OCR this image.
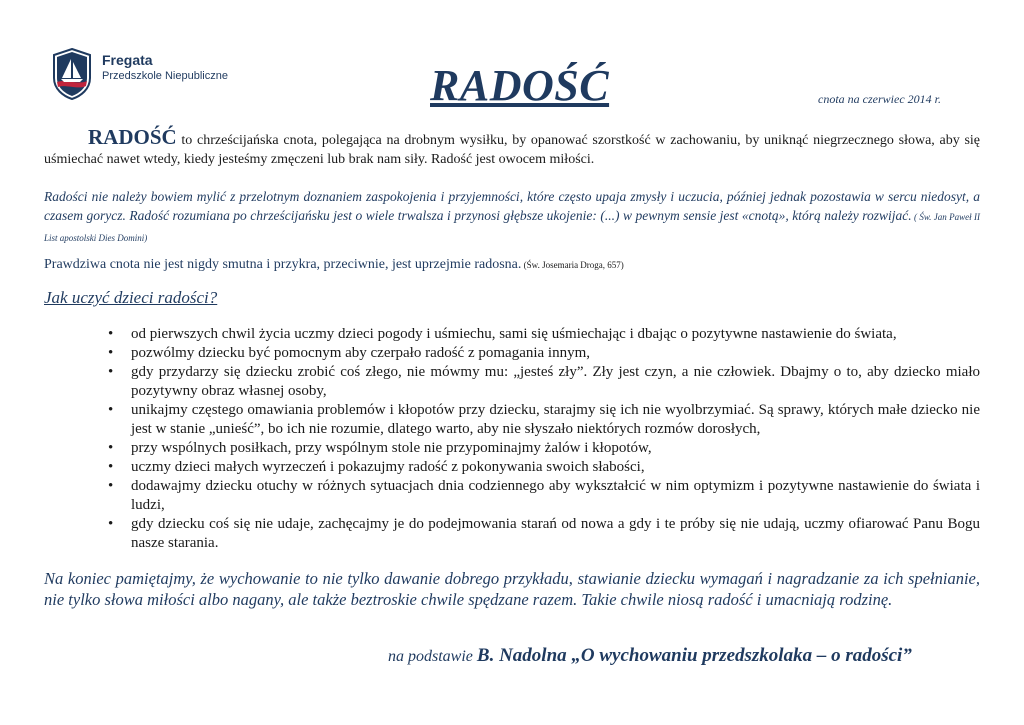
Fregata
Przedszkole Niepubliczne	RADOŚĆ	cnota na czerwiec 2014 r.
RADOŚĆ to chrześcijańska cnota, polegająca na drobnym wysiłku, by opanować szorstkość w zachowaniu, by uniknąć niegrzecznego słowa, aby się uśmiechać nawet wtedy, kiedy jesteśmy zmęczeni lub brak nam siły. Radość jest owocem miłości.
Radości nie należy bowiem mylić z przelotnym doznaniem zaspokojenia i przyjemności, które często upaja zmysły i uczucia, później jednak pozostawia w sercu niedosyt, a czasem gorycz. Radość rozumiana po chrześcijańsku jest o wiele trwalsza i przynosi głębsze ukojenie: (...) w pewnym sensie jest «cnotą», którą należy rozwijać. ( Św. Jan Paweł II List apostolski Dies Domini)
Prawdziwa cnota nie jest nigdy smutna i przykra, przeciwnie, jest uprzejmie radosna. (Św. Josemaria Droga, 657)
Jak uczyć dzieci radości?
• od pierwszych chwil życia uczmy dzieci pogody i uśmiechu, sami się uśmiechając i dbając o pozytywne nastawienie do świata,
• pozwólmy dziecku być pomocnym aby czerpało radość z pomagania innym,
• gdy przydarzy się dziecku zrobić coś złego, nie mówmy mu: „jesteś zły”. Zły jest czyn, a nie człowiek. Dbajmy o to, aby dziecko miało pozytywny obraz własnej osoby,
• unikajmy częstego omawiania problemów i kłopotów przy dziecku, starajmy się ich nie wyolbrzymiać. Są sprawy, których małe dziecko nie jest w stanie „unieść”, bo ich nie rozumie, dlatego warto, aby nie słyszało niektórych rozmów dorosłych,
• przy wspólnych posiłkach, przy wspólnym stole nie przypominajmy żalów i kłopotów,
• uczmy dzieci małych wyrzeczeń i pokazujmy radość z pokonywania swoich słabości,
• dodawajmy dziecku otuchy w różnych sytuacjach dnia codziennego aby wykształcić w nim optymizm i pozytywne nastawienie do świata i ludzi,
• gdy dziecku coś się nie udaje, zachęcajmy je do podejmowania starań od nowa a gdy i te próby się nie udają, uczmy ofiarować Panu Bogu nasze starania.
Na koniec pamiętajmy, że wychowanie to nie tylko dawanie dobrego przykładu, stawianie dziecku wymagań i nagradzanie za ich spełnianie, nie tylko słowa miłości albo nagany, ale także beztroskie chwile spędzane razem. Takie chwile niosą radość i umacniają rodzinę.
na podstawie B. Nadolna „O wychowaniu przedszkolaka – o radości”
